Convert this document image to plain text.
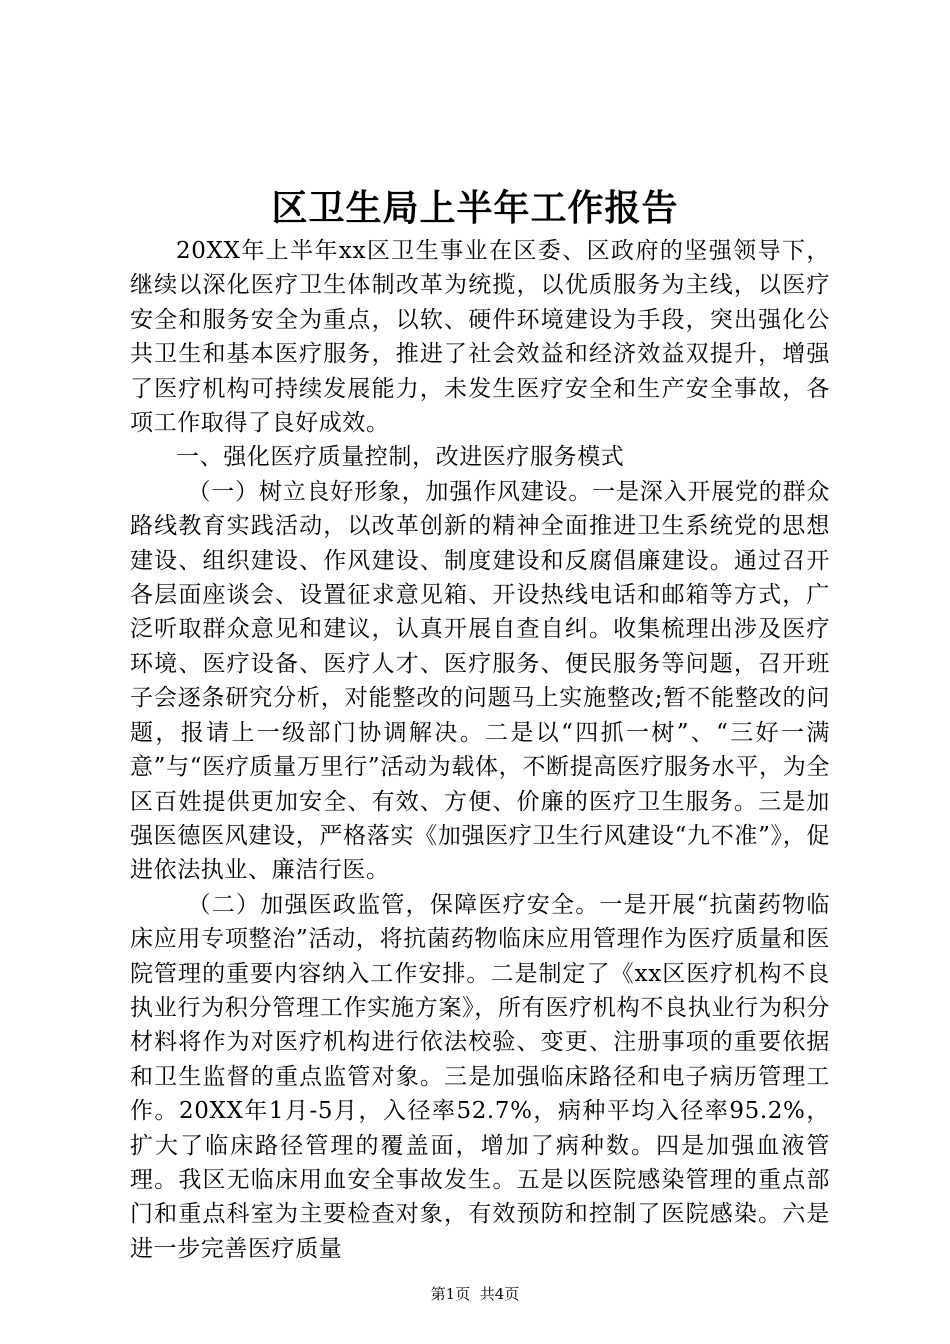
区卫生局上半年工作报告

20XX年上半年xx区卫生事业在区委、区政府的坚强领导下，继续以深化医疗卫生体制改革为统揽，以优质服务为主线，以医疗安全和服务安全为重点，以软、硬件环境建设为手段，突出强化公共卫生和基本医疗服务，推进了社会效益和经济效益双提升，增强了医疗机构可持续发展能力，未发生医疗安全和生产安全事故，各项工作取得了良好成效。

一、强化医疗质量控制，改进医疗服务模式

（一）树立良好形象，加强作风建设。一是深入开展党的群众路线教育实践活动，以改革创新的精神全面推进卫生系统党的思想建设、组织建设、作风建设、制度建设和反腐倡廉建设。通过召开各层面座谈会、设置征求意见箱、开设热线电话和邮箱等方式，广泛听取群众意见和建议，认真开展自查自纠。收集梳理出涉及医疗环境、医疗设备、医疗人才、医疗服务、便民服务等问题，召开班子会逐条研究分析，对能整改的问题马上实施整改;暂不能整改的问题，报请上一级部门协调解决。二是以“四抓一树”、“三好一满意”与“医疗质量万里行”活动为载体，不断提高医疗服务水平，为全区百姓提供更加安全、有效、方便、价廉的医疗卫生服务。三是加强医德医风建设，严格落实《加强医疗卫生行风建设“九不准”》，促进依法执业、廉洁行医。

（二）加强医政监管，保障医疗安全。一是开展“抗菌药物临床应用专项整治”活动，将抗菌药物临床应用管理作为医疗质量和医院管理的重要内容纳入工作安排。二是制定了《xx区医疗机构不良执业行为积分管理工作实施方案》，所有医疗机构不良执业行为积分材料将作为对医疗机构进行依法校验、变更、注册事项的重要依据和卫生监督的重点监管对象。三是加强临床路径和电子病历管理工作。20XX年1月-5月，入径率52.7%，病种平均入径率95.2%，扩大了临床路径管理的覆盖面，增加了病种数。四是加强血液管理。我区无临床用血安全事故发生。五是以医院感染管理的重点部门和重点科室为主要检查对象，有效预防和控制了医院感染。六是进一步完善医疗质量

第1页 共4页
